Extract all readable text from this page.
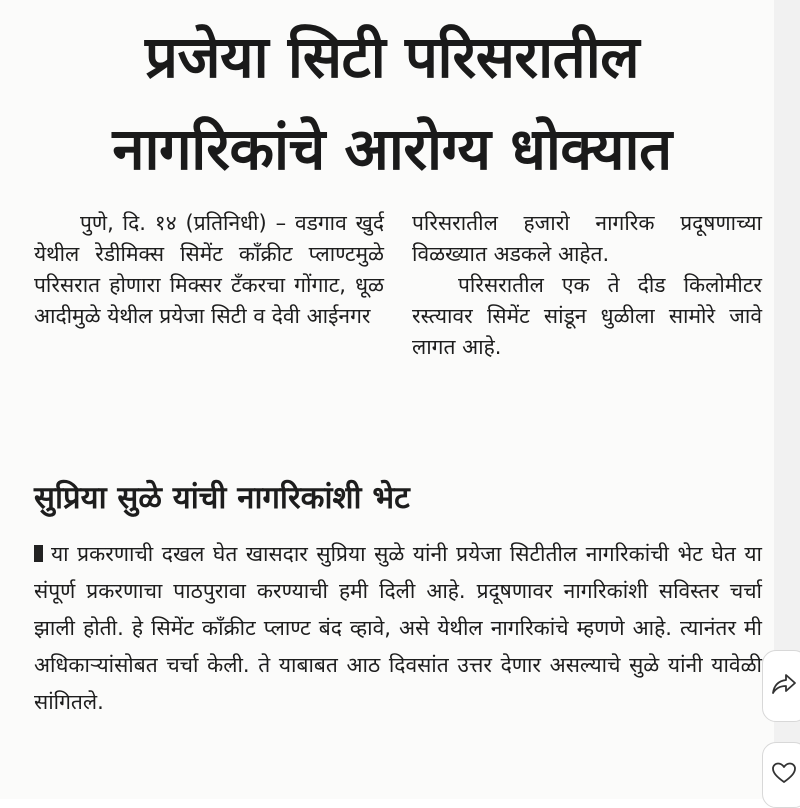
प्रजेया सिटी परिसरातील
नागरिकांचे आरोग्य धोक्यात

पुणे, दि. १४ (प्रतिनिधी) – वडगाव खुर्द येथील रेडीमिक्स सिमेंट कॉंक्रीट प्लाण्टमुळे परिसरात होणारा मिक्सर टँकरचा गोंगाट, धूळ आदीमुळे येथील प्रयेजा सिटी व देवी आईनगर

परिसरातील हजारो नागरिक प्रदूषणाच्या विळख्यात अडकले आहेत.

परिसरातील एक ते दीड किलोमीटर रस्त्यावर सिमेंट सांडून धुळीला सामोरे जावे लागत आहे.

सुप्रिया सुळे यांची नागरिकांशी भेट

या प्रकरणाची दखल घेत खासदार सुप्रिया सुळे यांनी प्रयेजा सिटीतील नागरिकांची भेट घेत या संपूर्ण प्रकरणाचा पाठपुरावा करण्याची हमी दिली आहे. प्रदूषणावर नागरिकांशी सविस्तर चर्चा झाली होती. हे सिमेंट कॉंक्रीट प्लाण्ट बंद व्हावे, असे येथील नागरिकांचे म्हणणे आहे. त्यानंतर मी अधिकाऱ्यांसोबत चर्चा केली. ते याबाबत आठ दिवसांत उत्तर देणार असल्याचे सुळे यांनी यावेळी सांगितले.
